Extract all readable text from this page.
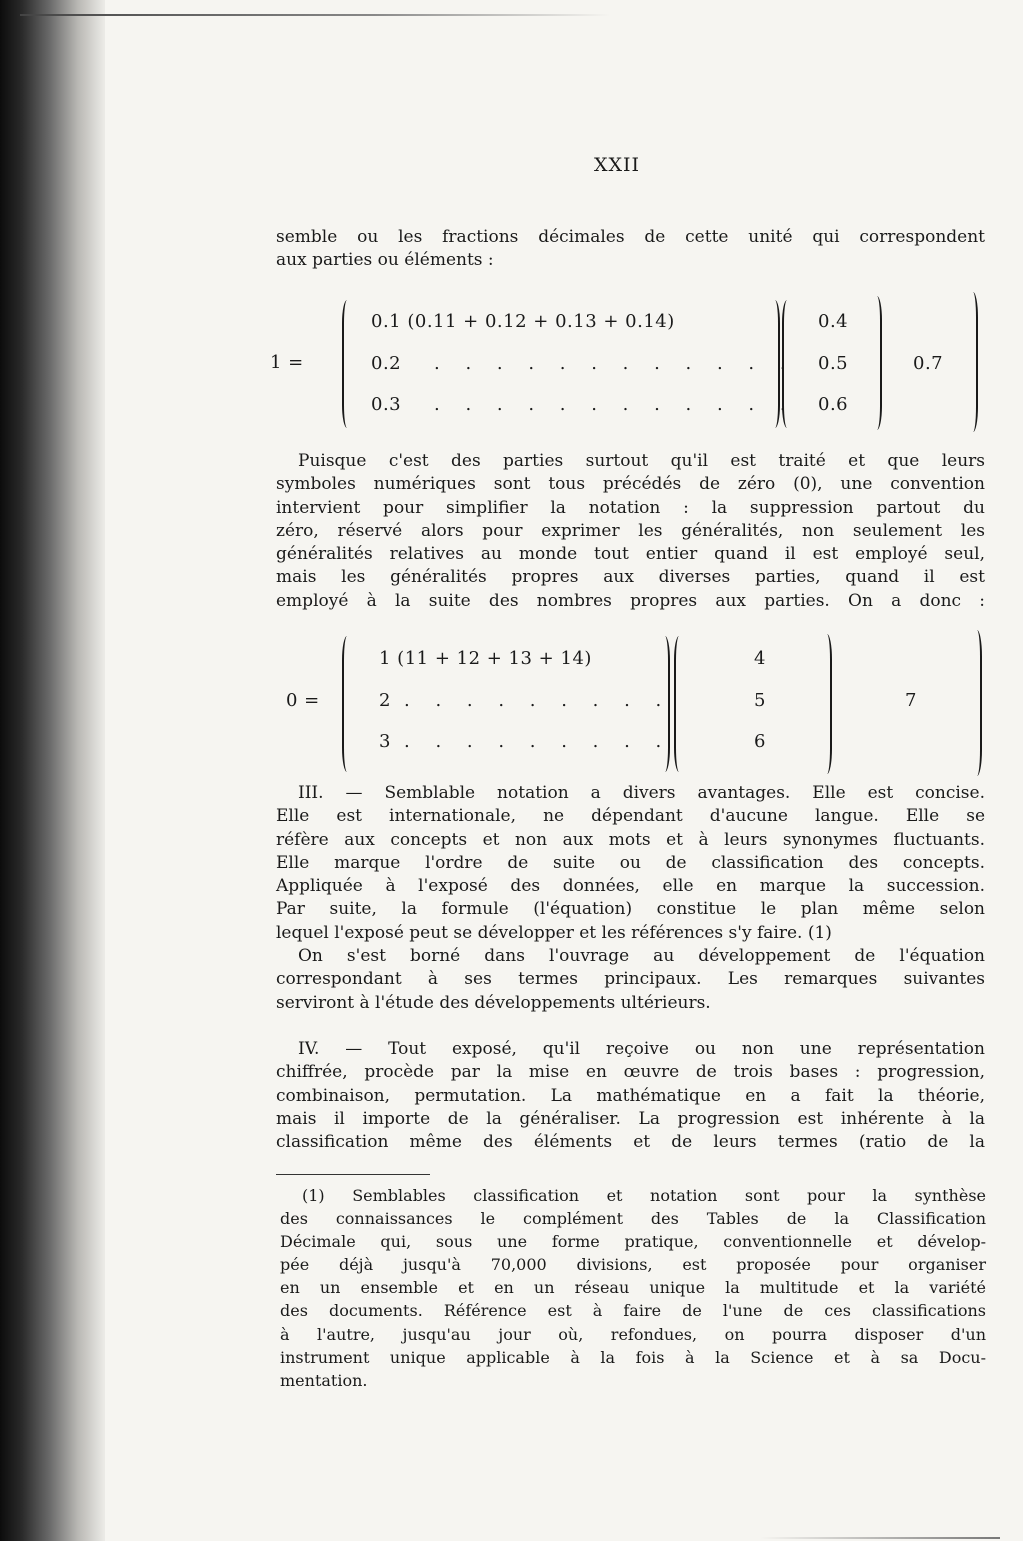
XXII
semble ou les fractions décimales de cette unité qui correspondent
aux parties ou éléments :
1 =
0.1 (0.11 + 0.12 + 0.13 + 0.14)
0.2 . . . . . . . . . . . .
0.3 . . . . . . . . . . . .
0.4
0.5
0.6
0.7
Puisque c'est des parties surtout qu'il est traité et que leurs
symboles numériques sont tous précédés de zéro (0), une convention
intervient pour simplifier la notation : la suppression partout du
zéro, réservé alors pour exprimer les généralités, non seulement les
généralités relatives au monde tout entier quand il est employé seul,
mais les généralités propres aux diverses parties, quand il est
employé à la suite des nombres propres aux parties. On a donc :
0 =
1 (11 + 12 + 13 + 14)
2 . . . . . . . . .
3 . . . . . . . . .
4
5
6
7
III. — Semblable notation a divers avantages. Elle est concise.
Elle est internationale, ne dépendant d'aucune langue. Elle se
réfère aux concepts et non aux mots et à leurs synonymes fluctuants.
Elle marque l'ordre de suite ou de classification des concepts.
Appliquée à l'exposé des données, elle en marque la succession.
Par suite, la formule (l'équation) constitue le plan même selon
lequel l'exposé peut se développer et les références s'y faire. (1)
On s'est borné dans l'ouvrage au développement de l'équation
correspondant à ses termes principaux. Les remarques suivantes
serviront à l'étude des développements ultérieurs.
IV. — Tout exposé, qu'il reçoive ou non une représentation
chiffrée, procède par la mise en œuvre de trois bases : progression,
combinaison, permutation. La mathématique en a fait la théorie,
mais il importe de la généraliser. La progression est inhérente à la
classification même des éléments et de leurs termes (ratio de la
(1) Semblables classification et notation sont pour la synthèse
des connaissances le complément des Tables de la Classification
Décimale qui, sous une forme pratique, conventionnelle et dévelop-
pée déjà jusqu'à 70,000 divisions, est proposée pour organiser
en un ensemble et en un réseau unique la multitude et la variété
des documents. Référence est à faire de l'une de ces classifications
à l'autre, jusqu'au jour où, refondues, on pourra disposer d'un
instrument unique applicable à la fois à la Science et à sa Docu-
mentation.
